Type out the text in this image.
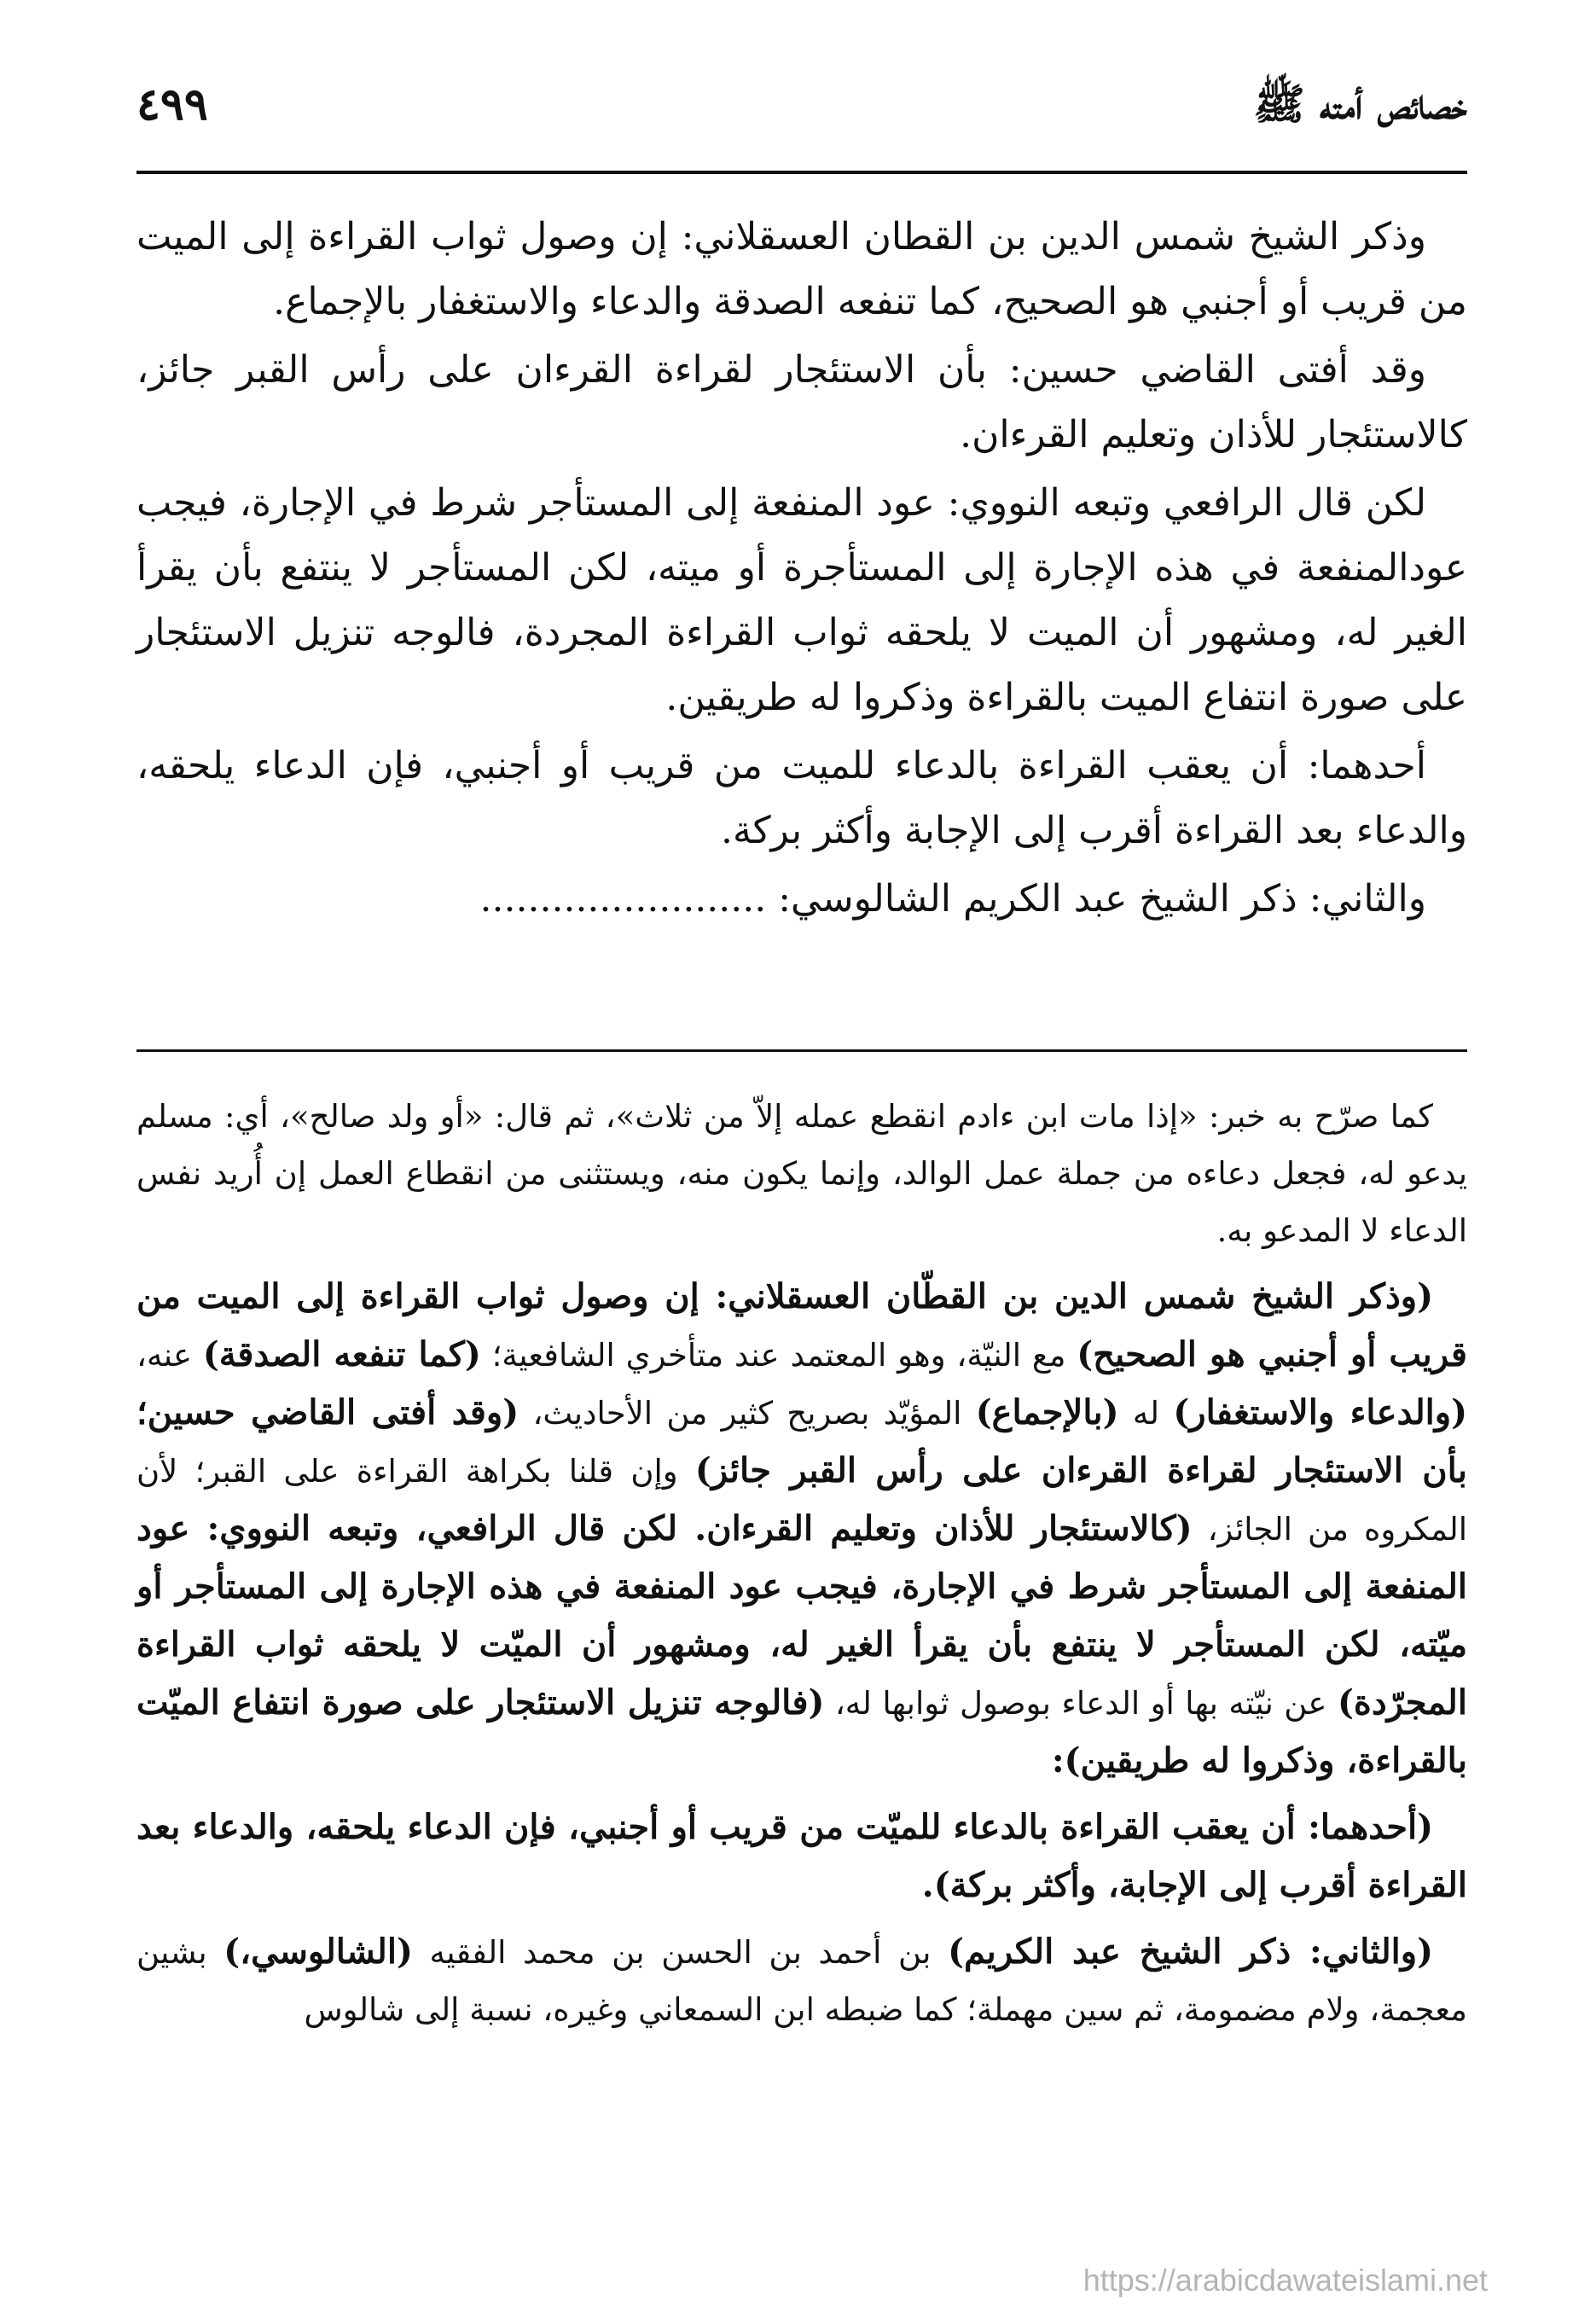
خصائص أمته ﷺ
٤٩٩

وذكر الشيخ شمس الدين بن القطان العسقلاني: إن وصول ثواب القراءة إلى الميت من قريب أو أجنبي هو الصحيح، كما تنفعه الصدقة والدعاء والاستغفار بالإجماع.

وقد أفتى القاضي حسين: بأن الاستئجار لقراءة القرءان على رأس القبر جائز، كالاستئجار للأذان وتعليم القرءان.

لكن قال الرافعي وتبعه النووي: عود المنفعة إلى المستأجر شرط في الإجارة، فيجب عودالمنفعة في هذه الإجارة إلى المستأجرة أو ميته، لكن المستأجر لا ينتفع بأن يقرأ الغير له، ومشهور أن الميت لا يلحقه ثواب القراءة المجردة، فالوجه تنزيل الاستئجار على صورة انتفاع الميت بالقراءة وذكروا له طريقين.

أحدهما: أن يعقب القراءة بالدعاء للميت من قريب أو أجنبي، فإن الدعاء يلحقه، والدعاء بعد القراءة أقرب إلى الإجابة وأكثر بركة.

والثاني: ذكر الشيخ عبد الكريم الشالوسي: ........................

كما صرّح به خبر: «إذا مات ابن ءادم انقطع عمله إلاّ من ثلاث»، ثم قال: «أو ولد صالح»، أي: مسلم يدعو له، فجعل دعاءه من جملة عمل الوالد، وإنما يكون منه، ويستثنى من انقطاع العمل إن أُريد نفس الدعاء لا المدعو به.

(وذكر الشيخ شمس الدين بن القطّان العسقلاني: إن وصول ثواب القراءة إلى الميت من قريب أو أجنبي هو الصحيح) مع النيّة، وهو المعتمد عند متأخري الشافعية؛ (كما تنفعه الصدقة) عنه، (والدعاء والاستغفار) له (بالإجماع) المؤيّد بصريح كثير من الأحاديث، (وقد أفتى القاضي حسين؛ بأن الاستئجار لقراءة القرءان على رأس القبر جائز) وإن قلنا بكراهة القراءة على القبر؛ لأن المكروه من الجائز، (كالاستئجار للأذان وتعليم القرءان. لكن قال الرافعي، وتبعه النووي: عود المنفعة إلى المستأجر شرط في الإجارة، فيجب عود المنفعة في هذه الإجارة إلى المستأجر أو ميّته، لكن المستأجر لا ينتفع بأن يقرأ الغير له، ومشهور أن الميّت لا يلحقه ثواب القراءة المجرّدة) عن نيّته بها أو الدعاء بوصول ثوابها له، (فالوجه تنزيل الاستئجار على صورة انتفاع الميّت بالقراءة، وذكروا له طريقين):

(أحدهما: أن يعقب القراءة بالدعاء للميّت من قريب أو أجنبي، فإن الدعاء يلحقه، والدعاء بعد القراءة أقرب إلى الإجابة، وأكثر بركة).

(والثاني: ذكر الشيخ عبد الكريم) بن أحمد بن الحسن بن محمد الفقيه (الشالوسي،) بشين معجمة، ولام مضمومة، ثم سين مهملة؛ كما ضبطه ابن السمعاني وغيره، نسبة إلى شالوس

https://arabicdawateislami.net
